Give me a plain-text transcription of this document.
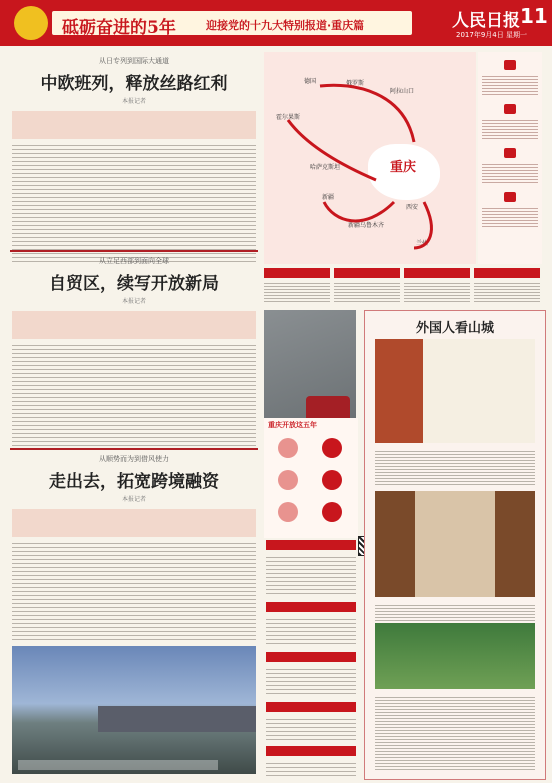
砥砺奋进的5年	迎接党的十九大特别报道·重庆篇	人民日报 11
2017年9月4日 星期一
从日专列到国际大通道
中欧班列，释放丝路红利
本报记者
从立足西部到面向全球
自贸区，续写开放新局
本报记者
从顺势而为到借风使力
走出去，拓宽跨境融资
本报记者
重庆
德国	俄罗斯
阿拉山口
霍尔果斯
哈萨克斯坦
新疆
新疆乌鲁木齐
兰州
西安
重庆开放这五年
外国人看山城
